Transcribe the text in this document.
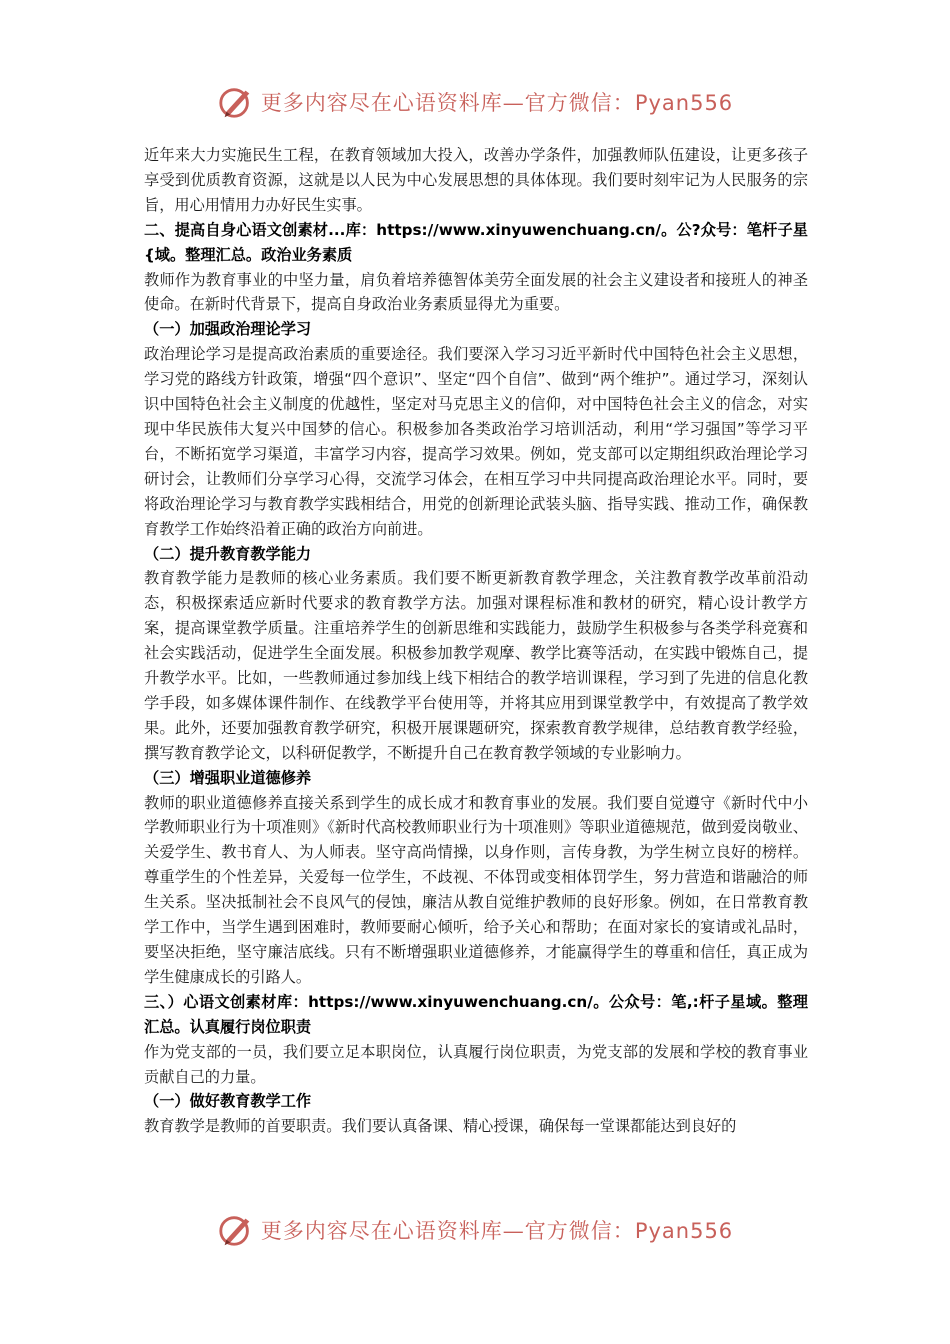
更多内容尽在心语资料库—官方微信：Pyan556

近年来大力实施民生工程，在教育领域加大投入，改善办学条件，加强教师队伍建设，让更多孩子享受到优质教育资源，这就是以人民为中心发展思想的具体体现。我们要时刻牢记为人民服务的宗旨，用心用情用力办好民生实事。

二、提高自身心语文创素材...库：https://www.xinyuwenchuang.cn/。公?众号：笔杆子星{域。整理汇总。政治业务素质

教师作为教育事业的中坚力量，肩负着培养德智体美劳全面发展的社会主义建设者和接班人的神圣使命。在新时代背景下，提高自身政治业务素质显得尤为重要。

（一）加强政治理论学习

政治理论学习是提高政治素质的重要途径。我们要深入学习习近平新时代中国特色社会主义思想，学习党的路线方针政策，增强“四个意识”、坚定“四个自信”、做到“两个维护”。通过学习，深刻认识中国特色社会主义制度的优越性，坚定对马克思主义的信仰，对中国特色社会主义的信念，对实现中华民族伟大复兴中国梦的信心。积极参加各类政治学习培训活动，利用“学习强国”等学习平台，不断拓宽学习渠道，丰富学习内容，提高学习效果。例如，党支部可以定期组织政治理论学习研讨会，让教师们分享学习心得，交流学习体会，在相互学习中共同提高政治理论水平。同时，要将政治理论学习与教育教学实践相结合，用党的创新理论武装头脑、指导实践、推动工作，确保教育教学工作始终沿着正确的政治方向前进。

（二）提升教育教学能力

教育教学能力是教师的核心业务素质。我们要不断更新教育教学理念，关注教育教学改革前沿动态，积极探索适应新时代要求的教育教学方法。加强对课程标准和教材的研究，精心设计教学方案，提高课堂教学质量。注重培养学生的创新思维和实践能力，鼓励学生积极参与各类学科竞赛和社会实践活动，促进学生全面发展。积极参加教学观摩、教学比赛等活动，在实践中锻炼自己，提升教学水平。比如，一些教师通过参加线上线下相结合的教学培训课程，学习到了先进的信息化教学手段，如多媒体课件制作、在线教学平台使用等，并将其应用到课堂教学中，有效提高了教学效果。此外，还要加强教育教学研究，积极开展课题研究，探索教育教学规律，总结教育教学经验，撰写教育教学论文，以科研促教学，不断提升自己在教育教学领域的专业影响力。

（三）增强职业道德修养

教师的职业道德修养直接关系到学生的成长成才和教育事业的发展。我们要自觉遵守《新时代中小学教师职业行为十项准则》《新时代高校教师职业行为十项准则》等职业道德规范，做到爱岗敬业、关爱学生、教书育人、为人师表。坚守高尚情操，以身作则，言传身教，为学生树立良好的榜样。尊重学生的个性差异，关爱每一位学生，不歧视、不体罚或变相体罚学生，努力营造和谐融洽的师生关系。坚决抵制社会不良风气的侵蚀，廉洁从教自觉维护教师的良好形象。例如，在日常教育教学工作中，当学生遇到困难时，教师要耐心倾听，给予关心和帮助；在面对家长的宴请或礼品时，要坚决拒绝，坚守廉洁底线。只有不断增强职业道德修养，才能赢得学生的尊重和信任，真正成为学生健康成长的引路人。

三、）心语文创素材库：https://www.xinyuwenchuang.cn/。公众号：笔,:杆子星域。整理汇总。认真履行岗位职责

作为党支部的一员，我们要立足本职岗位，认真履行岗位职责，为党支部的发展和学校的教育事业贡献自己的力量。

（一）做好教育教学工作

教育教学是教师的首要职责。我们要认真备课、精心授课，确保每一堂课都能达到良好的

更多内容尽在心语资料库—官方微信：Pyan556
